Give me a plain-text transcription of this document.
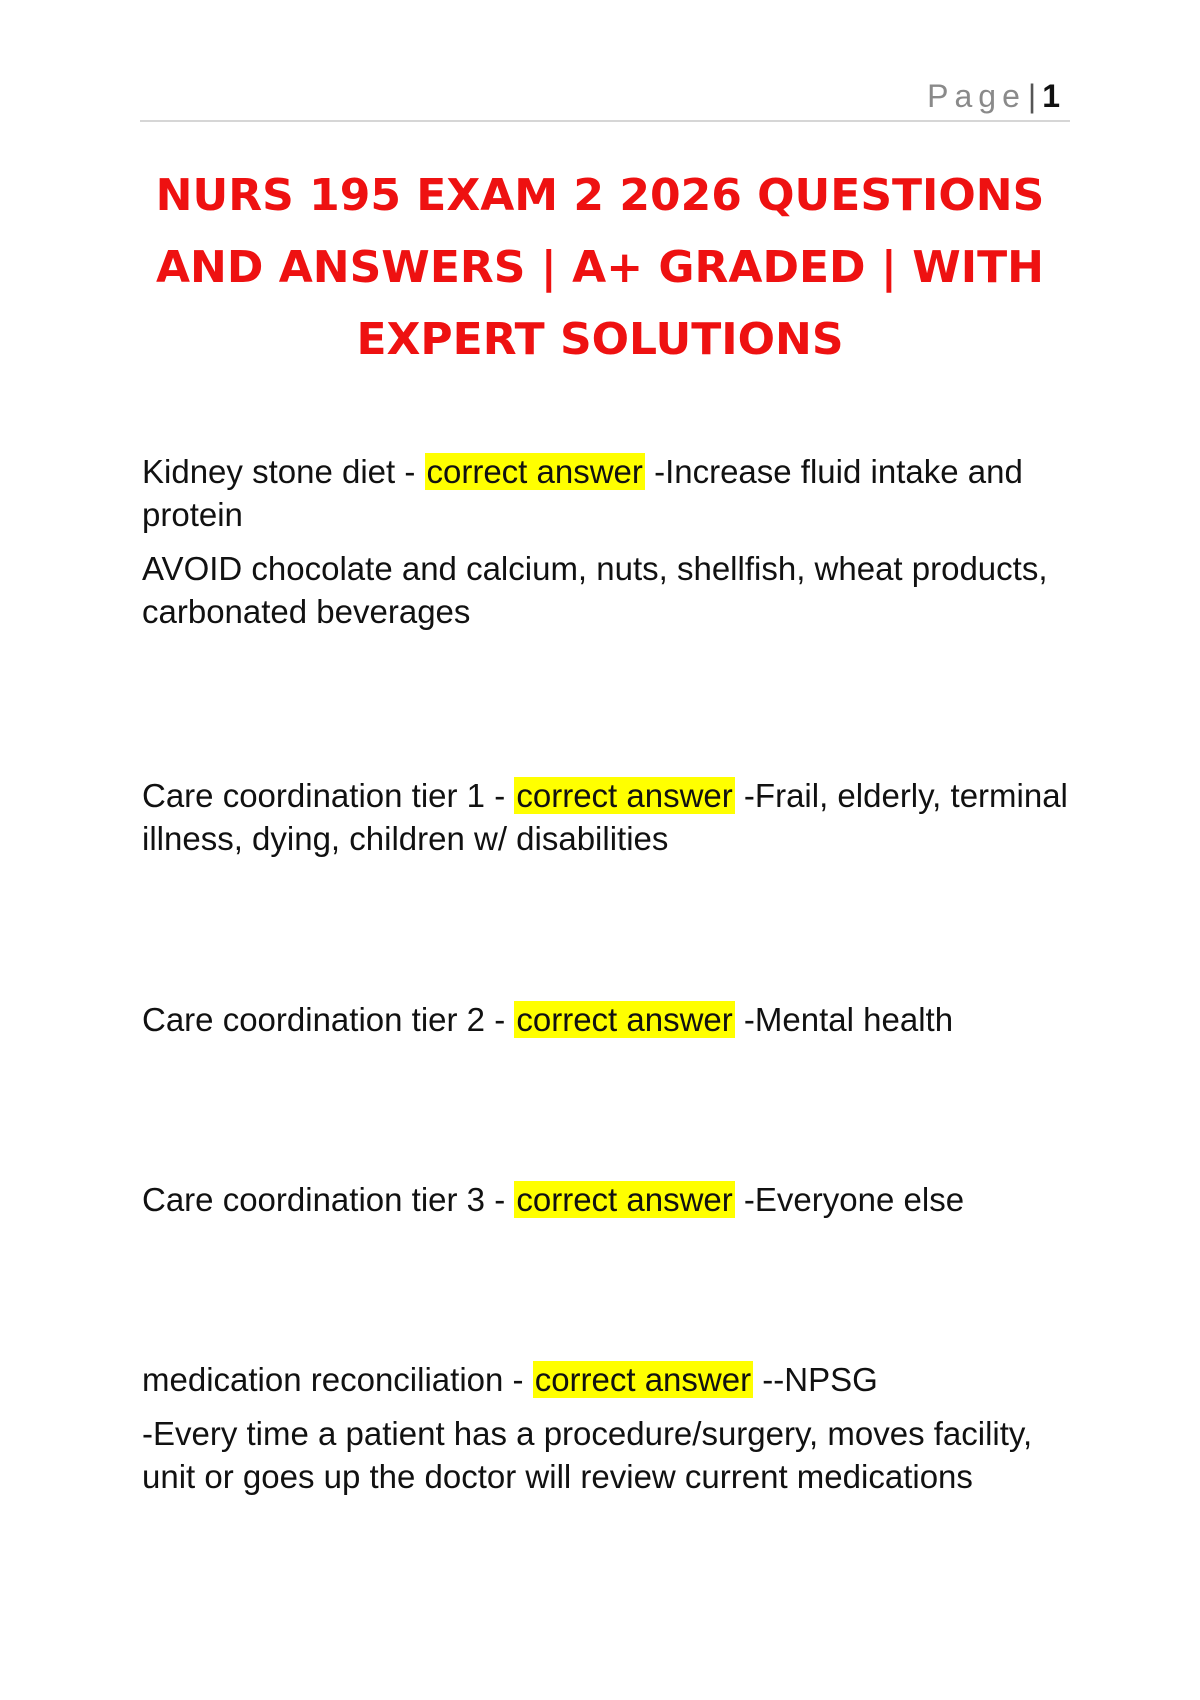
Page| 1
NURS 195 EXAM 2 2026 QUESTIONS AND ANSWERS | A+ GRADED | WITH EXPERT SOLUTIONS

Kidney stone diet - correct answer -Increase fluid intake and protein

AVOID chocolate and calcium, nuts, shellfish, wheat products, carbonated beverages

Care coordination tier 1 - correct answer -Frail, elderly, terminal illness, dying, children w/ disabilities

Care coordination tier 2 - correct answer -Mental health

Care coordination tier 3 - correct answer -Everyone else

medication reconciliation - correct answer --NPSG

-Every time a patient has a procedure/surgery, moves facility, unit or goes up the doctor will review current medications
